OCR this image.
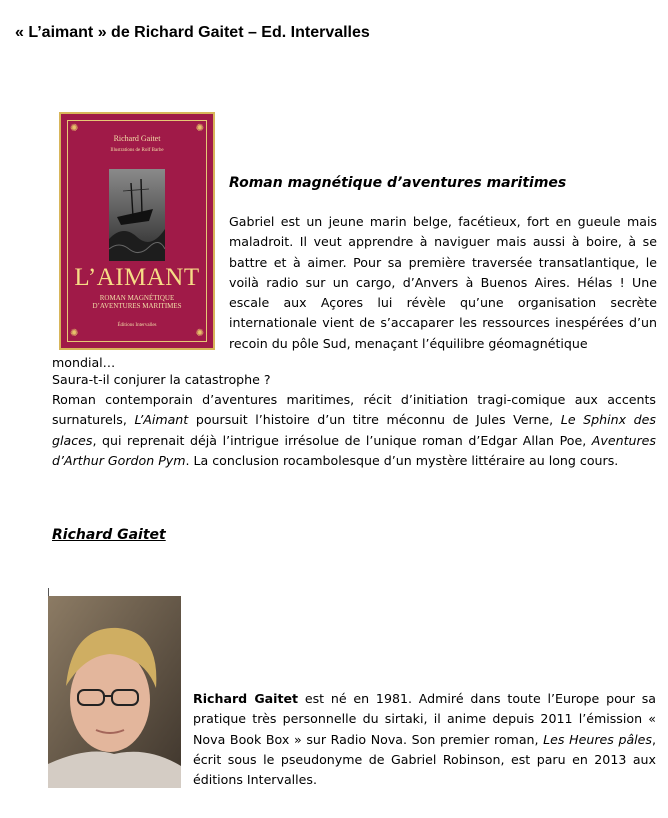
« L’aimant » de Richard Gaitet – Ed. Intervalles
✺	✺
✺	✺
Richard Gaitet
Illustrations de Rolf Barbe
L’AIMANT
ROMAN MAGNÉTIQUE
D’AVENTURES MARITIMES
Éditions Intervalles
Roman magnétique d’aventures maritimes

Gabriel est un jeune marin belge, facétieux, fort en gueule mais maladroit. Il veut apprendre à naviguer mais aussi à boire, à se battre et à aimer. Pour sa première traversée transatlantique, le voilà radio sur un cargo, d’Anvers à Buenos Aires. Hélas ! Une escale aux Açores lui révèle qu’une organisation secrète internationale vient de s’accaparer les ressources inespérées d’un recoin du pôle Sud, menaçant l’équilibre géomagnétique

mondial…

Saura-t-il conjurer la catastrophe ?

Roman contemporain d’aventures maritimes, récit d’initiation tragi-comique aux accents surnaturels, L’Aimant poursuit l’histoire d’un titre méconnu de Jules Verne, Le Sphinx des glaces, qui reprenait déjà l’intrigue irrésolue de l’unique roman d’Edgar Allan Poe, Aventures d’Arthur Gordon Pym. La conclusion rocambolesque d’un mystère littéraire au long cours.

Richard Gaitet

Richard Gaitet est né en 1981. Admiré dans toute l’Europe pour sa pratique très personnelle du sirtaki, il anime depuis 2011 l’émission « Nova Book Box » sur Radio Nova. Son premier roman, Les Heures pâles, écrit sous le pseudonyme de Gabriel Robinson, est paru en 2013 aux éditions Intervalles.
